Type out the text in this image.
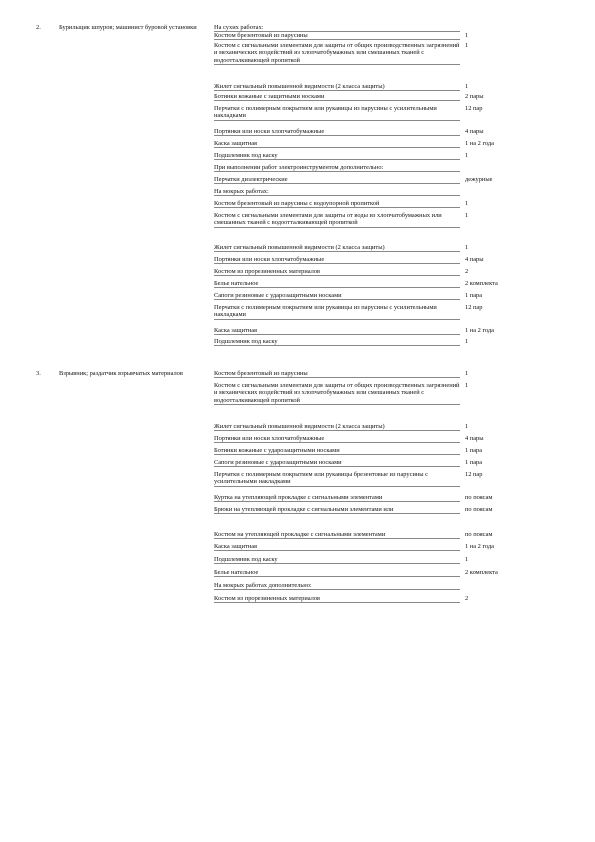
2.	Бурильщик шпуров; машинист буровой установки	На сухих работах:
Костюм брезентовый из парусины	1
Костюм с сигнальными элементами для защиты от общих производственных загрязнений и механических воздействий из хлопчатобумажных или смешанных тканей с водоотталкивающей пропиткой
1
Жилет сигнальный повышенной видимости (2 класса защиты)	1
Ботинки кожаные с защитными носками	2 пары
Перчатки с полимерным покрытием или рукавицы из парусины с усилительными накладками
12 пар
Портянки или носки хлопчатобумажные	4 пары
Каска защитная	1 на 2 года
Подшлемник под каску	1
При выполнении работ электроинструментом дополнительно:
Перчатки диэлектрические	дежурные
На мокрых работах:
Костюм брезентовый из парусины с водоупорной пропиткой	1
Костюм с сигнальными элементами для защиты от воды из хлопчатобумажных или смешанных тканей с водоотталкивающей пропиткой
1
Жилет сигнальный повышенной видимости (2 класса защиты)	1
Портянки или носки хлопчатобумажные	4 пары
Костюм из прорезиненных материалов	2
Белье нательное	2 комплекта
Сапоги резиновые с ударозащитными носками	1 пара
Перчатки с полимерным покрытием или рукавицы из парусины с усилительными накладками
12 пар
Каска защитная	1 на 2 года
Подшлемник под каску	1
3.	Взрывник; раздатчик взрывчатых материалов	Костюм брезентовый из парусины	1
Костюм с сигнальными элементами для защиты от общих производственных загрязнений и механических воздействий из хлопчатобумажных или смешанных тканей с водоотталкивающей пропиткой
1
Жилет сигнальный повышенной видимости (2 класса защиты)	1
Портянки или носки хлопчатобумажные	4 пары
Ботинки кожаные с ударозащитными носками	1 пара
Сапоги резиновые с ударозащитными носками	1 пара
Перчатки с полимерным покрытием или рукавицы брезентовые из парусины с усилительными накладками
12 пар
Куртка на утепляющей прокладке с сигнальными элементами	по поясам
Брюки на утепляющей прокладке с сигнальными элементами или	по поясам
Костюм на утепляющей прокладке с сигнальными элементами	по поясам
Каска защитная	1 на 2 года
Подшлемник под каску	1
Белье нательное	2 комплекта
На мокрых работах дополнительно:
Костюм из прорезиненных материалов	2
